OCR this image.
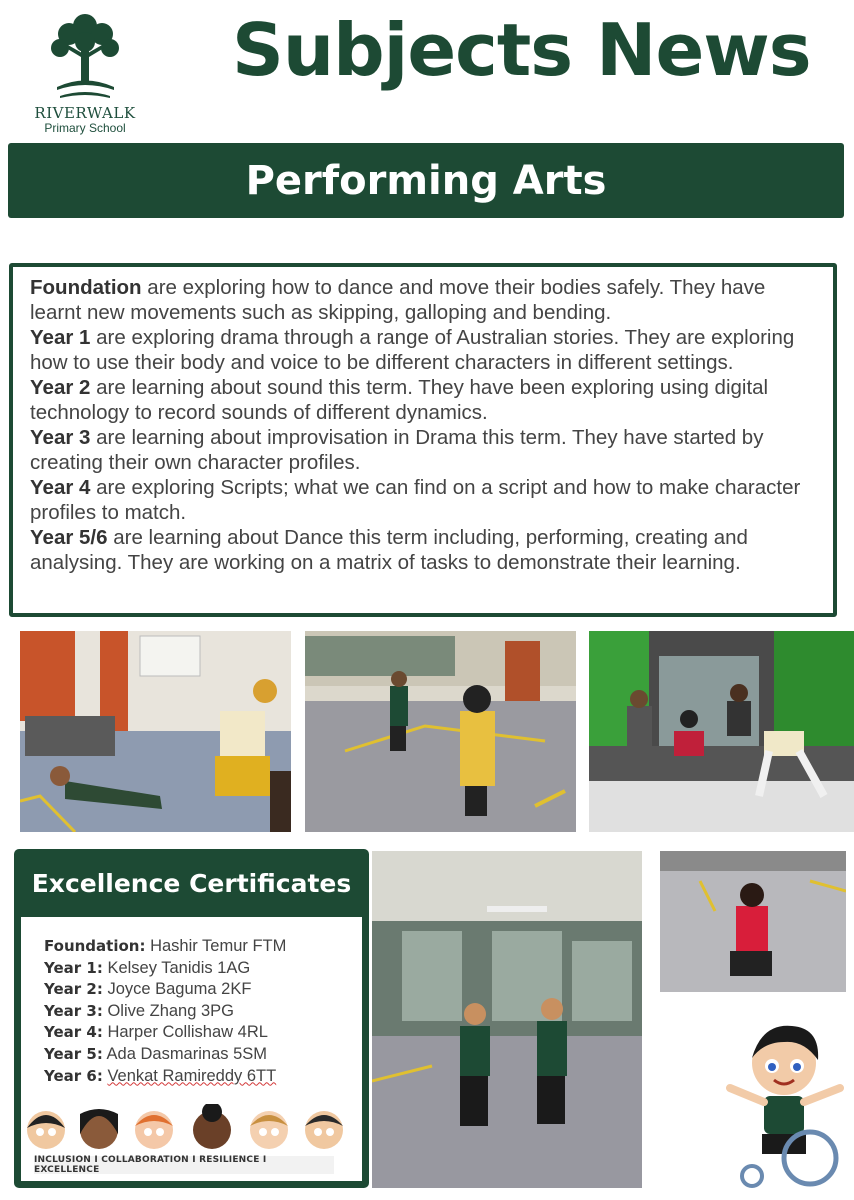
RIVERWALK
Primary School
Subjects News
Performing Arts
Foundation are exploring how to dance and move their bodies safely. They have learnt new movements such as skipping, galloping and bending.
Year 1 are exploring drama through a range of Australian stories. They are exploring how to use their body and voice to be different characters in different settings.
Year 2 are learning about sound this term. They have been exploring using digital technology to record sounds of different dynamics.
Year 3 are learning about improvisation in Drama this term. They have started by creating their own character profiles.
Year 4 are exploring Scripts; what we can find on a script and how to make character profiles to match.
Year 5/6 are learning about Dance this term including, performing, creating and analysing. They are working on a matrix of tasks to demonstrate their learning.
Excellence Certificates
Foundation: Hashir Temur FTM
Year 1: Kelsey Tanidis 1AG
Year 2: Joyce Baguma 2KF
Year 3: Olive Zhang 3PG
Year 4: Harper Collishaw 4RL
Year 5: Ada Dasmarinas 5SM
Year 6: Venkat Ramireddy 6TT
INCLUSION I COLLABORATION I RESILIENCE I EXCELLENCE
